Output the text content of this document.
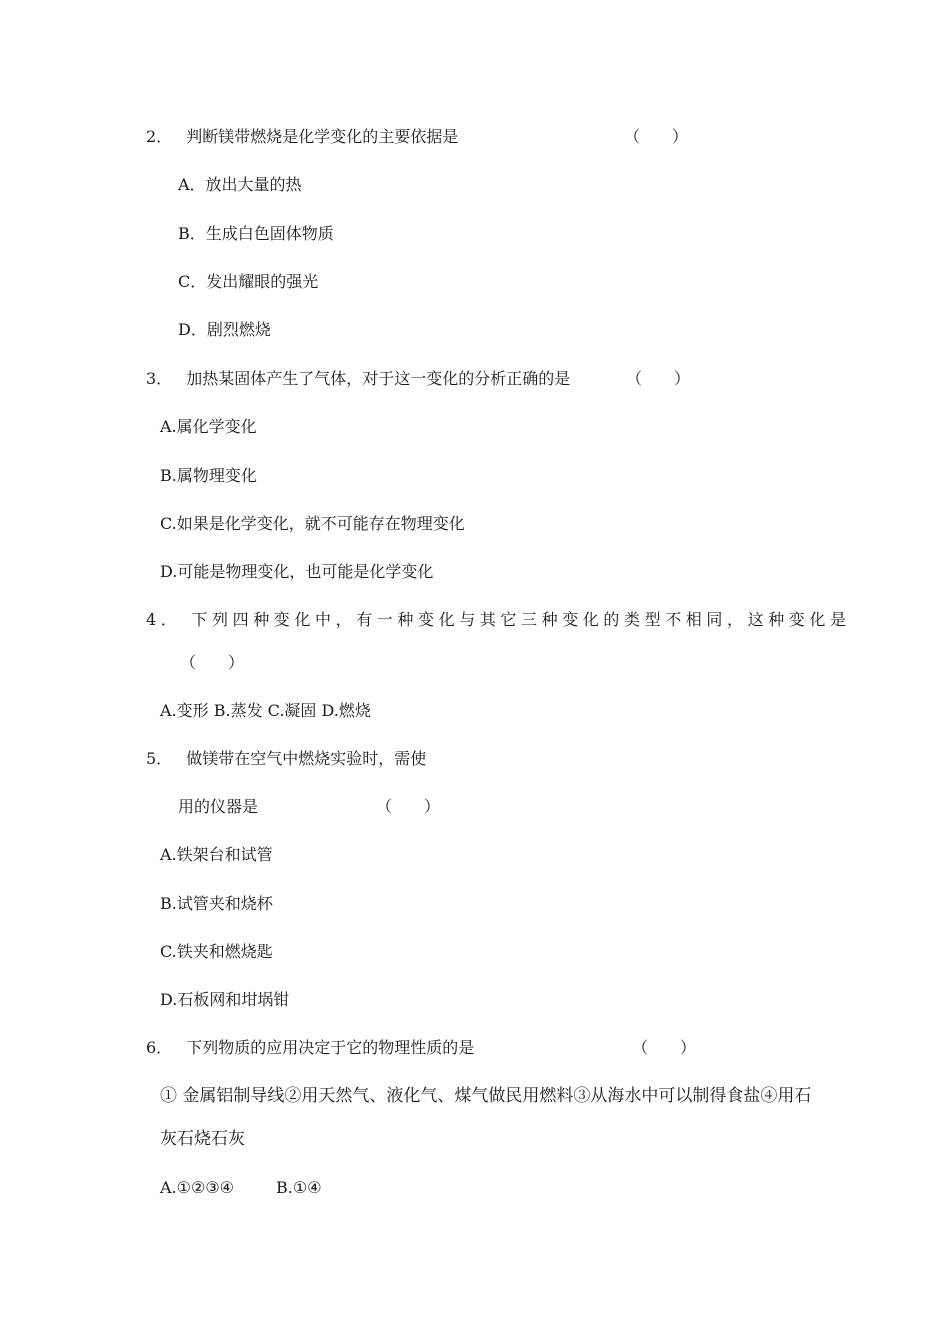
2． 判断镁带燃烧是化学变化的主要依据是	（　　）
A．放出大量的热
B．生成白色固体物质
C．发出耀眼的强光
D．剧烈燃烧
3． 加热某固体产生了气体，对于这一变化的分析正确的是	（　　）
A.属化学变化
B.属物理变化
C.如果是化学变化，就不可能存在物理变化
D.可能是物理变化，也可能是化学变化
4． 下列四种变化中，有一种变化与其它三种变化的类型不相同，这种变化是
（　　）
A.变形 B.蒸发 C.凝固 D.燃烧
5． 做镁带在空气中燃烧实验时，需使
用的仪器是	（　　）
A.铁架台和试管
B.试管夹和烧杯
C.铁夹和燃烧匙
D.石板网和坩埚钳
6． 下列物质的应用决定于它的物理性质的是	（　　）
① 金属铝制导线②用天然气、液化气、煤气做民用燃料③从海水中可以制得食盐④用石
灰石烧石灰
A.①②③④	B.①④
